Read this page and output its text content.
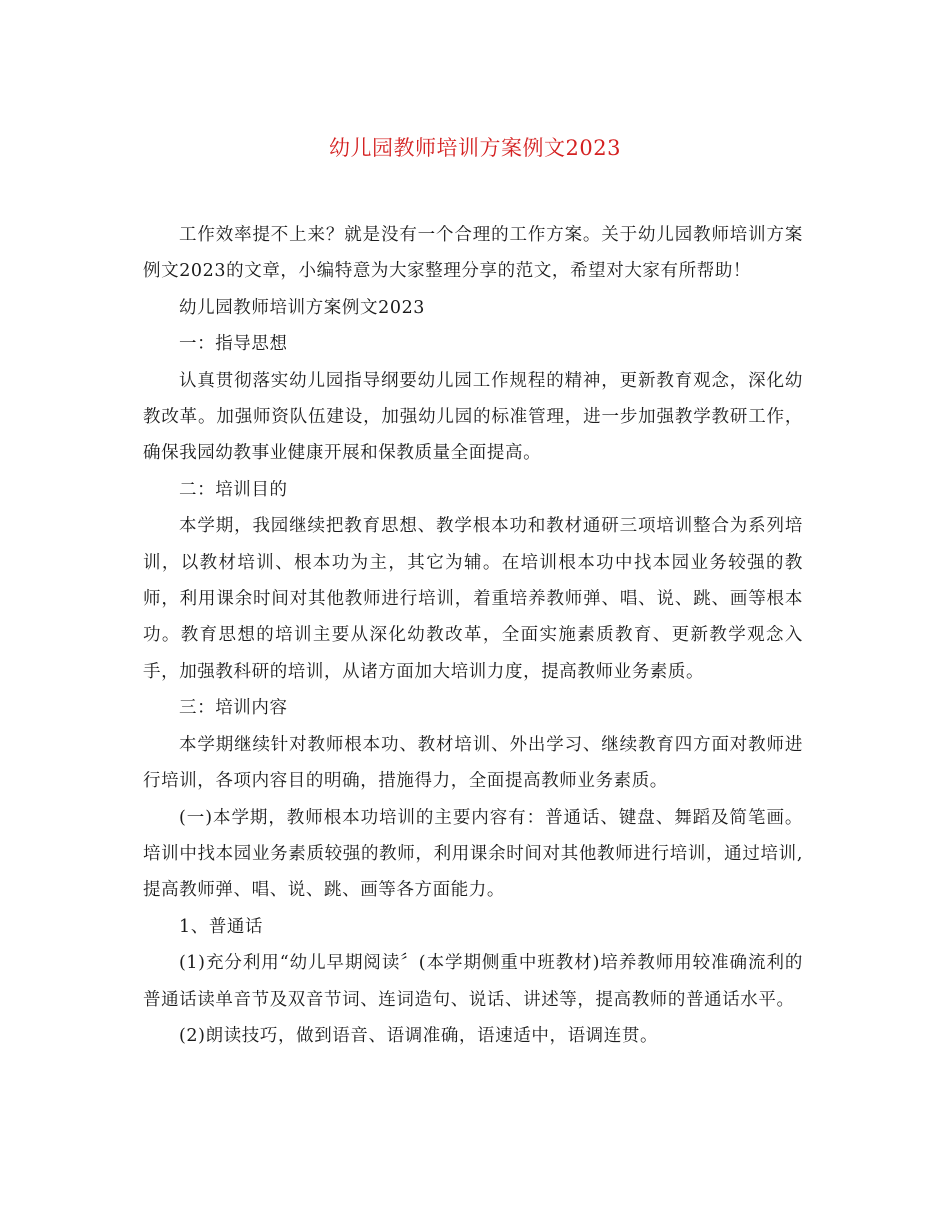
幼儿园教师培训方案例文2023

工作效率提不上来？就是没有一个合理的工作方案。关于幼儿园教师培训方案例文2023的文章，小编特意为大家整理分享的范文，希望对大家有所帮助！

幼儿园教师培训方案例文2023

一：指导思想

认真贯彻落实幼儿园指导纲要幼儿园工作规程的精神，更新教育观念，深化幼教改革。加强师资队伍建设，加强幼儿园的标准管理，进一步加强教学教研工作，确保我园幼教事业健康开展和保教质量全面提高。

二：培训目的

本学期，我园继续把教育思想、教学根本功和教材通研三项培训整合为系列培训，以教材培训、根本功为主，其它为辅。在培训根本功中找本园业务较强的教师，利用课余时间对其他教师进行培训，着重培养教师弹、唱、说、跳、画等根本功。教育思想的培训主要从深化幼教改革，全面实施素质教育、更新教学观念入手，加强教科研的培训，从诸方面加大培训力度，提高教师业务素质。

三：培训内容

本学期继续针对教师根本功、教材培训、外出学习、继续教育四方面对教师进行培训，各项内容目的明确，措施得力，全面提高教师业务素质。

(一)本学期，教师根本功培训的主要内容有：普通话、键盘、舞蹈及简笔画。培训中找本园业务素质较强的教师，利用课余时间对其他教师进行培训，通过培训,提高教师弹、唱、说、跳、画等各方面能力。

1、普通话

(1)充分利用“幼儿早期阅读〞(本学期侧重中班教材)培养教师用较准确流利的普通话读单音节及双音节词、连词造句、说话、讲述等，提高教师的普通话水平。

(2)朗读技巧，做到语音、语调准确，语速适中，语调连贯。
